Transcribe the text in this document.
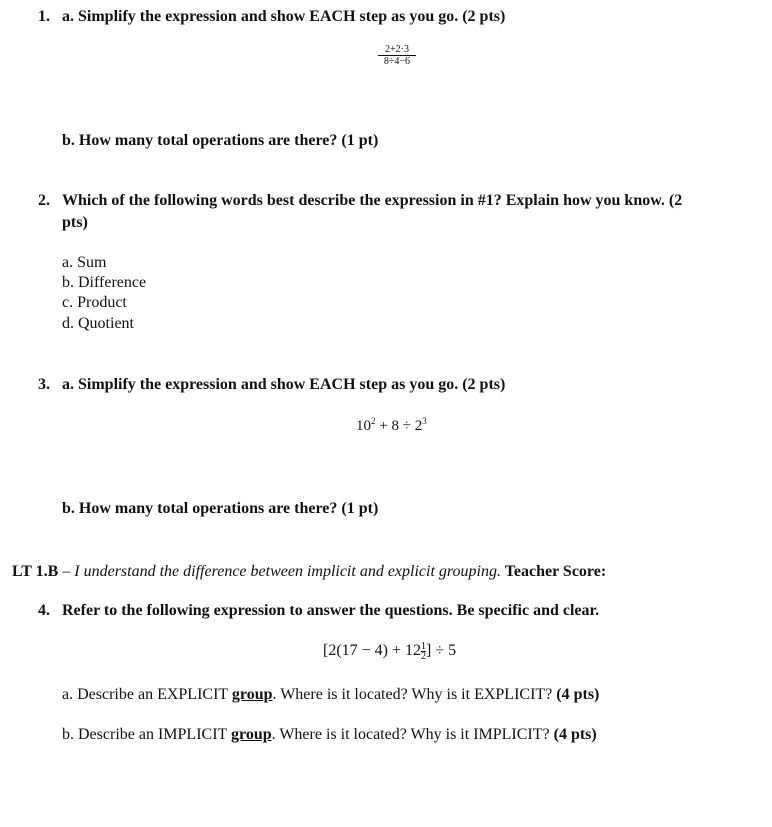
1. a. Simplify the expression and show EACH step as you go. (2 pts)
$\frac{2+2\cdot 3}{8\div 4-6}$
b. How many total operations are there? (1 pt)
2. Which of the following words best describe the expression in #1? Explain how you know. (2
pts)
a. Sum
b. Difference
c. Product
d. Quotient
3. a. Simplify the expression and show EACH step as you go. (2 pts)
$10^2 + 8 \div 2^3$
b. How many total operations are there? (1 pt)
LT 1.B – I understand the difference between implicit and explicit grouping. Teacher Score:
4. Refer to the following expression to answer the questions. Be specific and clear.
[$2(17 - 4) + 12 \frac{1}{2}$ ] ÷ 5
a. Describe an EXPLICIT group. Where is it located? Why is it EXPLICIT? (4 pts)
b. Describe an IMPLICIT group. Where is it located? Why is it IMPLICIT? (4 pts)
